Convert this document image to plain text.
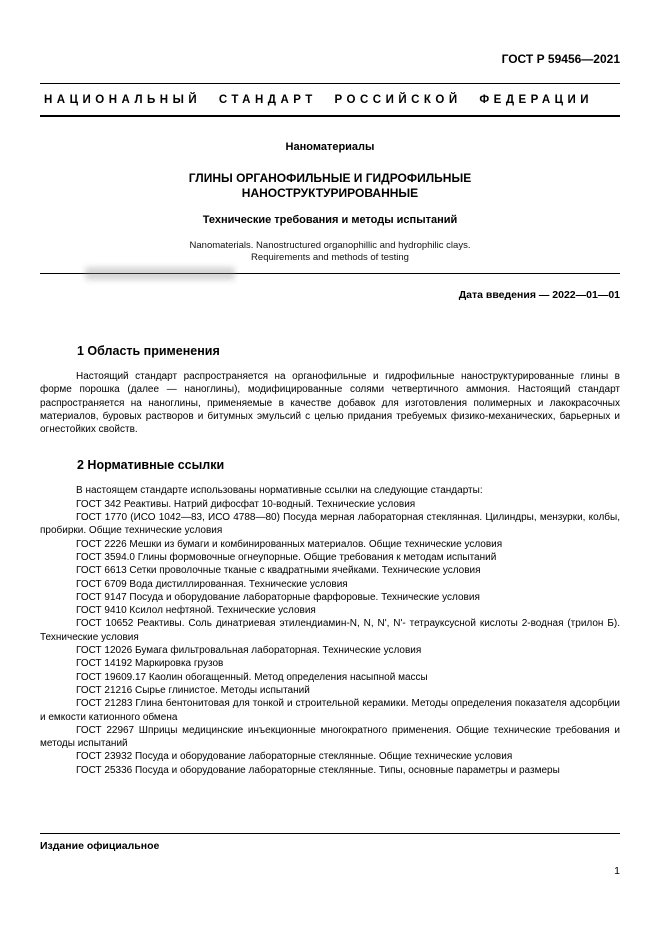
ГОСТ Р 59456—2021
НАЦИОНАЛЬНЫЙ СТАНДАРТ РОССИЙСКОЙ ФЕДЕРАЦИИ
Наноматериалы
ГЛИНЫ ОРГАНОФИЛЬНЫЕ И ГИДРОФИЛЬНЫЕ
НАНОСТРУКТУРИРОВАННЫЕ
Технические требования и методы испытаний
Nanomaterials. Nanostructured organophillic and hydrophilic clays.
Requirements and methods of testing
Дата введения — 2022—01—01
1 Область применения

Настоящий стандарт распространяется на органофильные и гидрофильные наноструктурированные глины в форме порошка (далее — наноглины), модифицированные солями четвертичного аммония. Настоящий стандарт распространяется на наноглины, применяемые в качестве добавок для изготовления полимерных и лакокрасочных материалов, буровых растворов и битумных эмульсий с целью придания требуемых физико-механических, барьерных и огнестойких свойств.

2 Нормативные ссылки

В настоящем стандарте использованы нормативные ссылки на следующие стандарты:

ГОСТ 342 Реактивы. Натрий дифосфат 10-водный. Технические условия

ГОСТ 1770 (ИСО 1042—83, ИСО 4788—80) Посуда мерная лабораторная стеклянная. Цилиндры, мензурки, колбы, пробирки. Общие технические условия

ГОСТ 2226 Мешки из бумаги и комбинированных материалов. Общие технические условия

ГОСТ 3594.0 Глины формовочные огнеупорные. Общие требования к методам испытаний

ГОСТ 6613 Сетки проволочные тканые с квадратными ячейками. Технические условия

ГОСТ 6709 Вода дистиллированная. Технические условия

ГОСТ 9147 Посуда и оборудование лабораторные фарфоровые. Технические условия

ГОСТ 9410 Ксилол нефтяной. Технические условия

ГОСТ 10652 Реактивы. Соль динатриевая этилендиамин-N, N, N', N'- тетрауксусной кислоты 2-водная (трилон Б). Технические условия

ГОСТ 12026 Бумага фильтровальная лабораторная. Технические условия

ГОСТ 14192 Маркировка грузов

ГОСТ 19609.17 Каолин обогащенный. Метод определения насыпной массы

ГОСТ 21216 Сырье глинистое. Методы испытаний

ГОСТ 21283 Глина бентонитовая для тонкой и строительной керамики. Методы определения показателя адсорбции и емкости катионного обмена

ГОСТ 22967 Шприцы медицинские инъекционные многократного применения. Общие технические требования и методы испытаний

ГОСТ 23932 Посуда и оборудование лабораторные стеклянные. Общие технические условия

ГОСТ 25336 Посуда и оборудование лабораторные стеклянные. Типы, основные параметры и размеры

Издание официальное
1
